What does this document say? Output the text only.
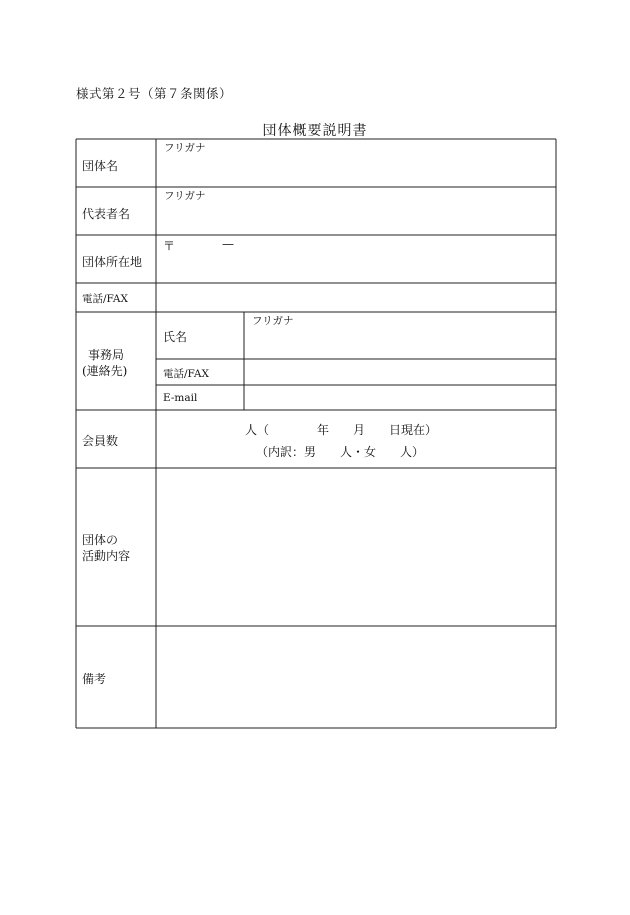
様式第２号（第７条関係）
団体概要説明書
団体名
フリガナ
代表者名
フリガナ
団体所在地
〒	—
電話/FAX
事務局
(連絡先)
氏名
フリガナ
電話/FAX
E-mail
会員数
人（　　　　年　　月　　日現在）
（内訳：男　　人・女　　人）
団体の
活動内容
備考
